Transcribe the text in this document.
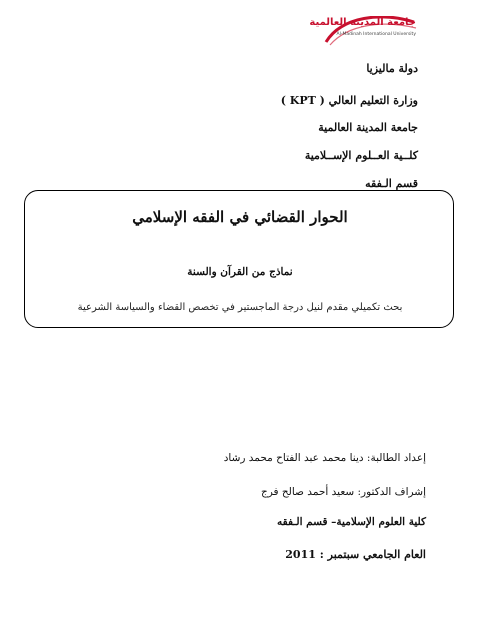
جامعة المدينة العالمية
Al-Madinah International University
دولة ماليزيا
وزارة التعليم العالي ( KPT )
جامعة المدينة العالمية
كلــية العــلوم الإســلامية
قسم الـفقه
الحوار القضائي في الفقه الإسلامي
نماذج من القرآن والسنة
بحث تكميلي مقدم لنيل درجة الماجستير في تخصص القضاء والسياسة الشرعية
إعداد الطالبة: دينا محمد عبد الفتاح محمد رشاد
إشراف الدكتور: سعيد أحمد صالح فرج
كلية العلوم الإسلامية– قسم الـفقه
العام الجامعي سبتمبر : 2011
